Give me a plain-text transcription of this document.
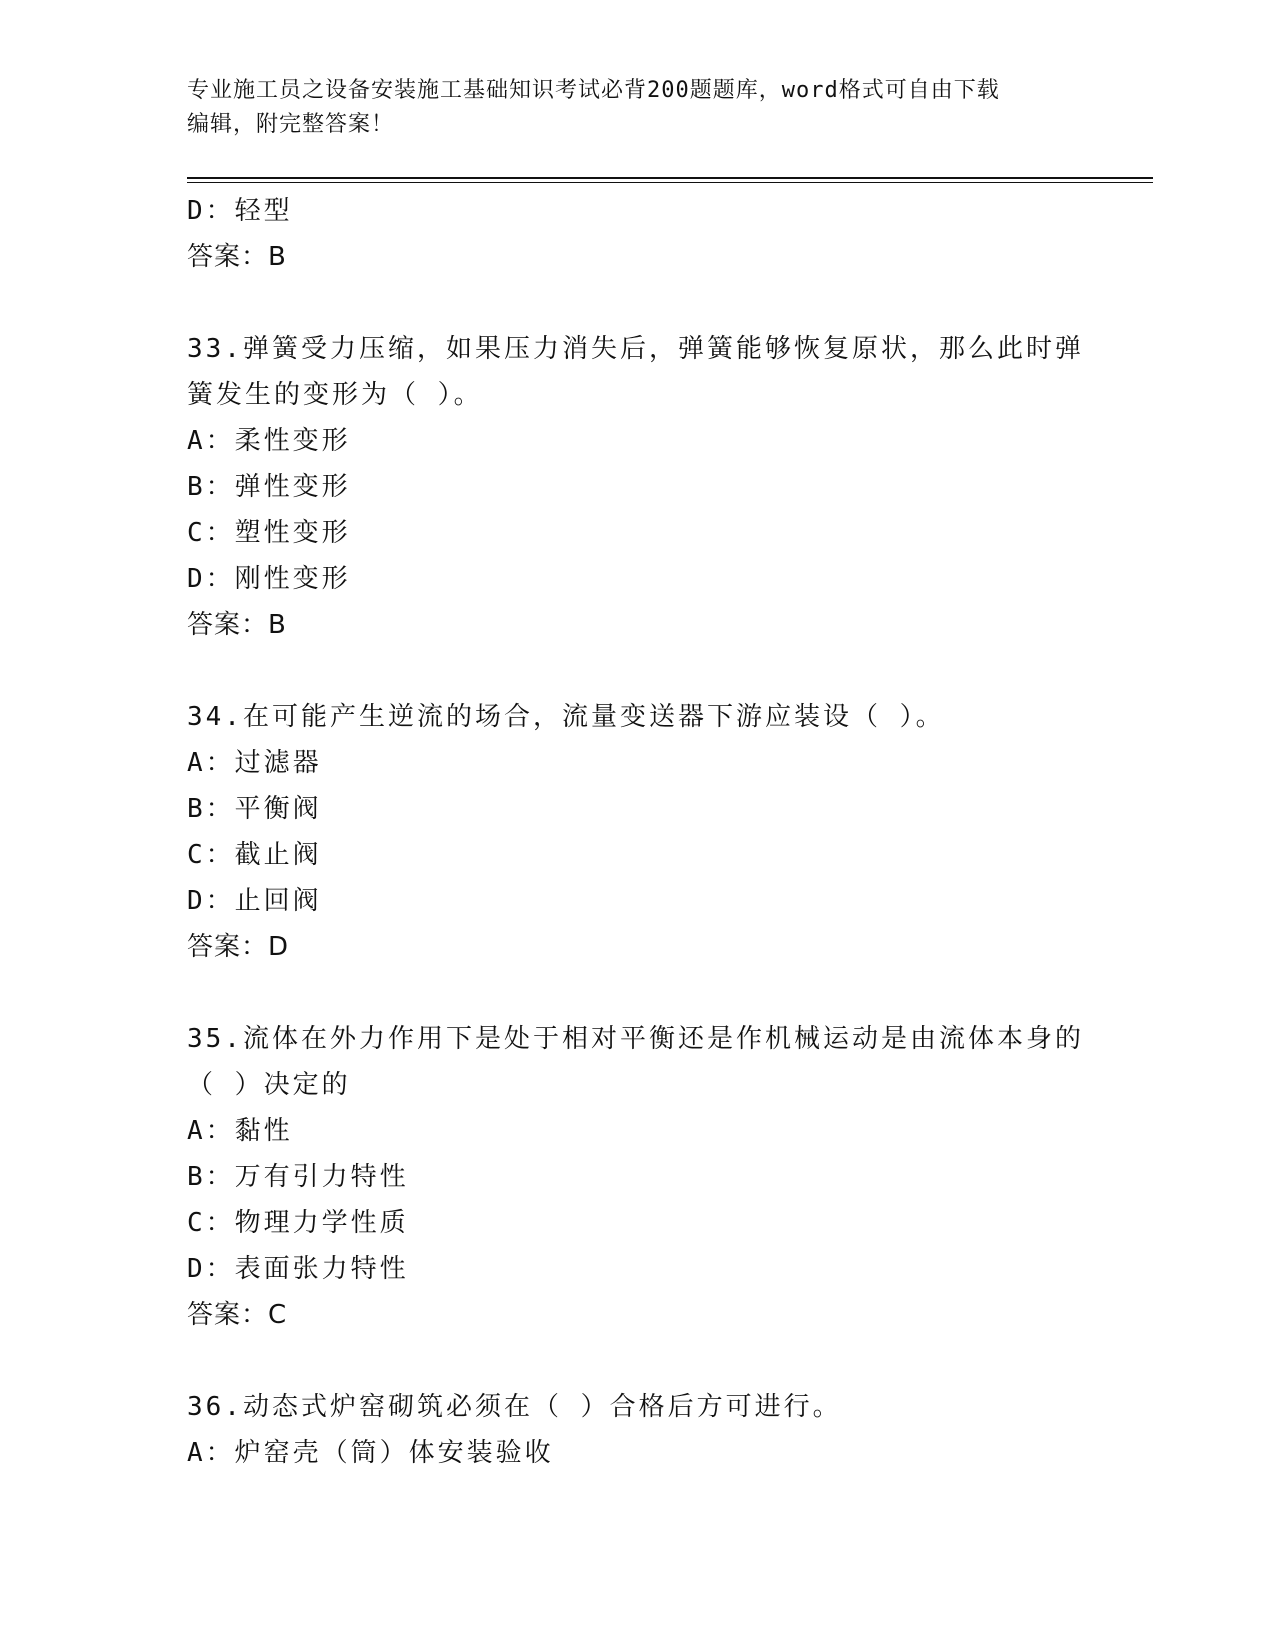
专业施工员之设备安装施工基础知识考试必背200题题库，word格式可自由下载
编辑，附完整答案！
D：轻型
答案：B
33.弹簧受力压缩，如果压力消失后，弹簧能够恢复原状，那么此时弹
簧发生的变形为（ ）。
A：柔性变形
B：弹性变形
C：塑性变形
D：刚性变形
答案：B
34.在可能产生逆流的场合，流量变送器下游应装设（ ）。
A：过滤器
B：平衡阀
C：截止阀
D：止回阀
答案：D
35.流体在外力作用下是处于相对平衡还是作机械运动是由流体本身的
（ ）决定的
A：黏性
B：万有引力特性
C：物理力学性质
D：表面张力特性
答案：C
36.动态式炉窑砌筑必须在（ ）合格后方可进行。
A：炉窑壳（筒）体安装验收
